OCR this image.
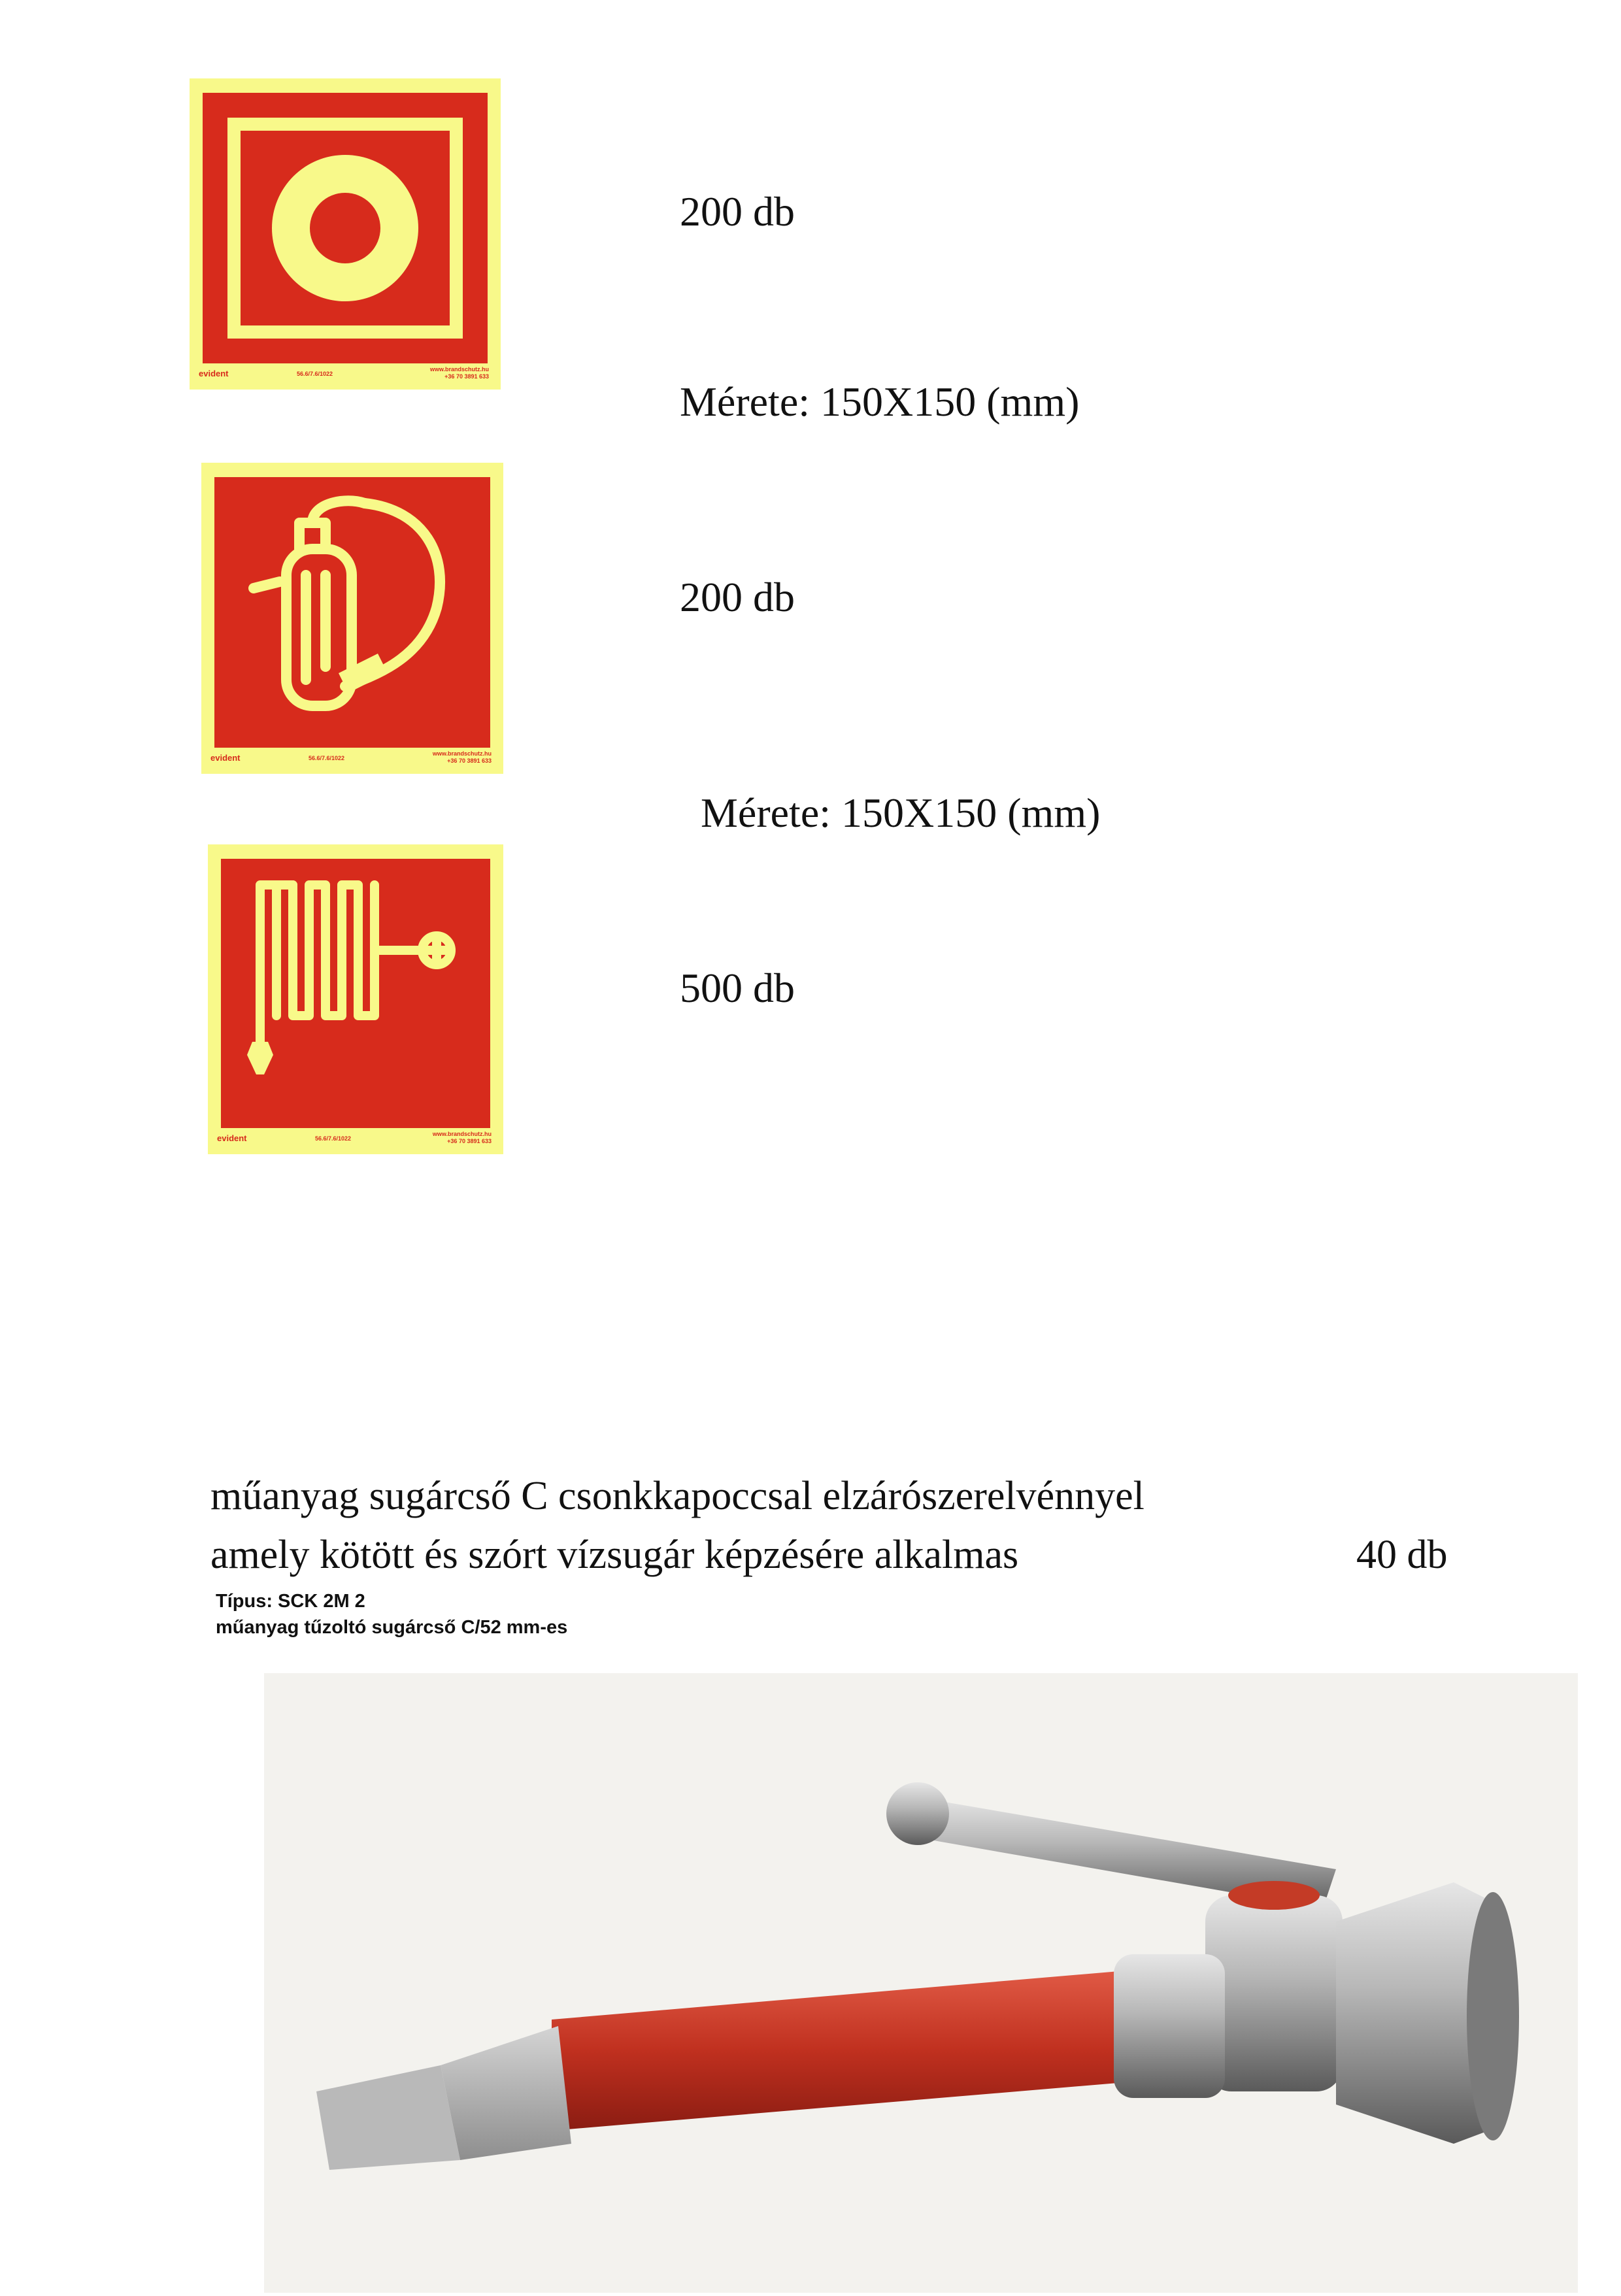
evident	56.6/7.6/1022
www.brandschutz.hu
+36 70 3891 633
evident	56.6/7.6/1022
www.brandschutz.hu
+36 70 3891 633
evident	56.6/7.6/1022
www.brandschutz.hu
+36 70 3891 633
200 db
Mérete: 150X150 (mm)
200 db
Mérete: 150X150 (mm)
500 db
műanyag sugárcső C csonkkapoccsal elzárószerelvénnyel
amely kötött és szórt vízsugár képzésére alkalmas	40 db
Típus: SCK 2M 2
műanyag tűzoltó sugárcső C/52 mm-es
